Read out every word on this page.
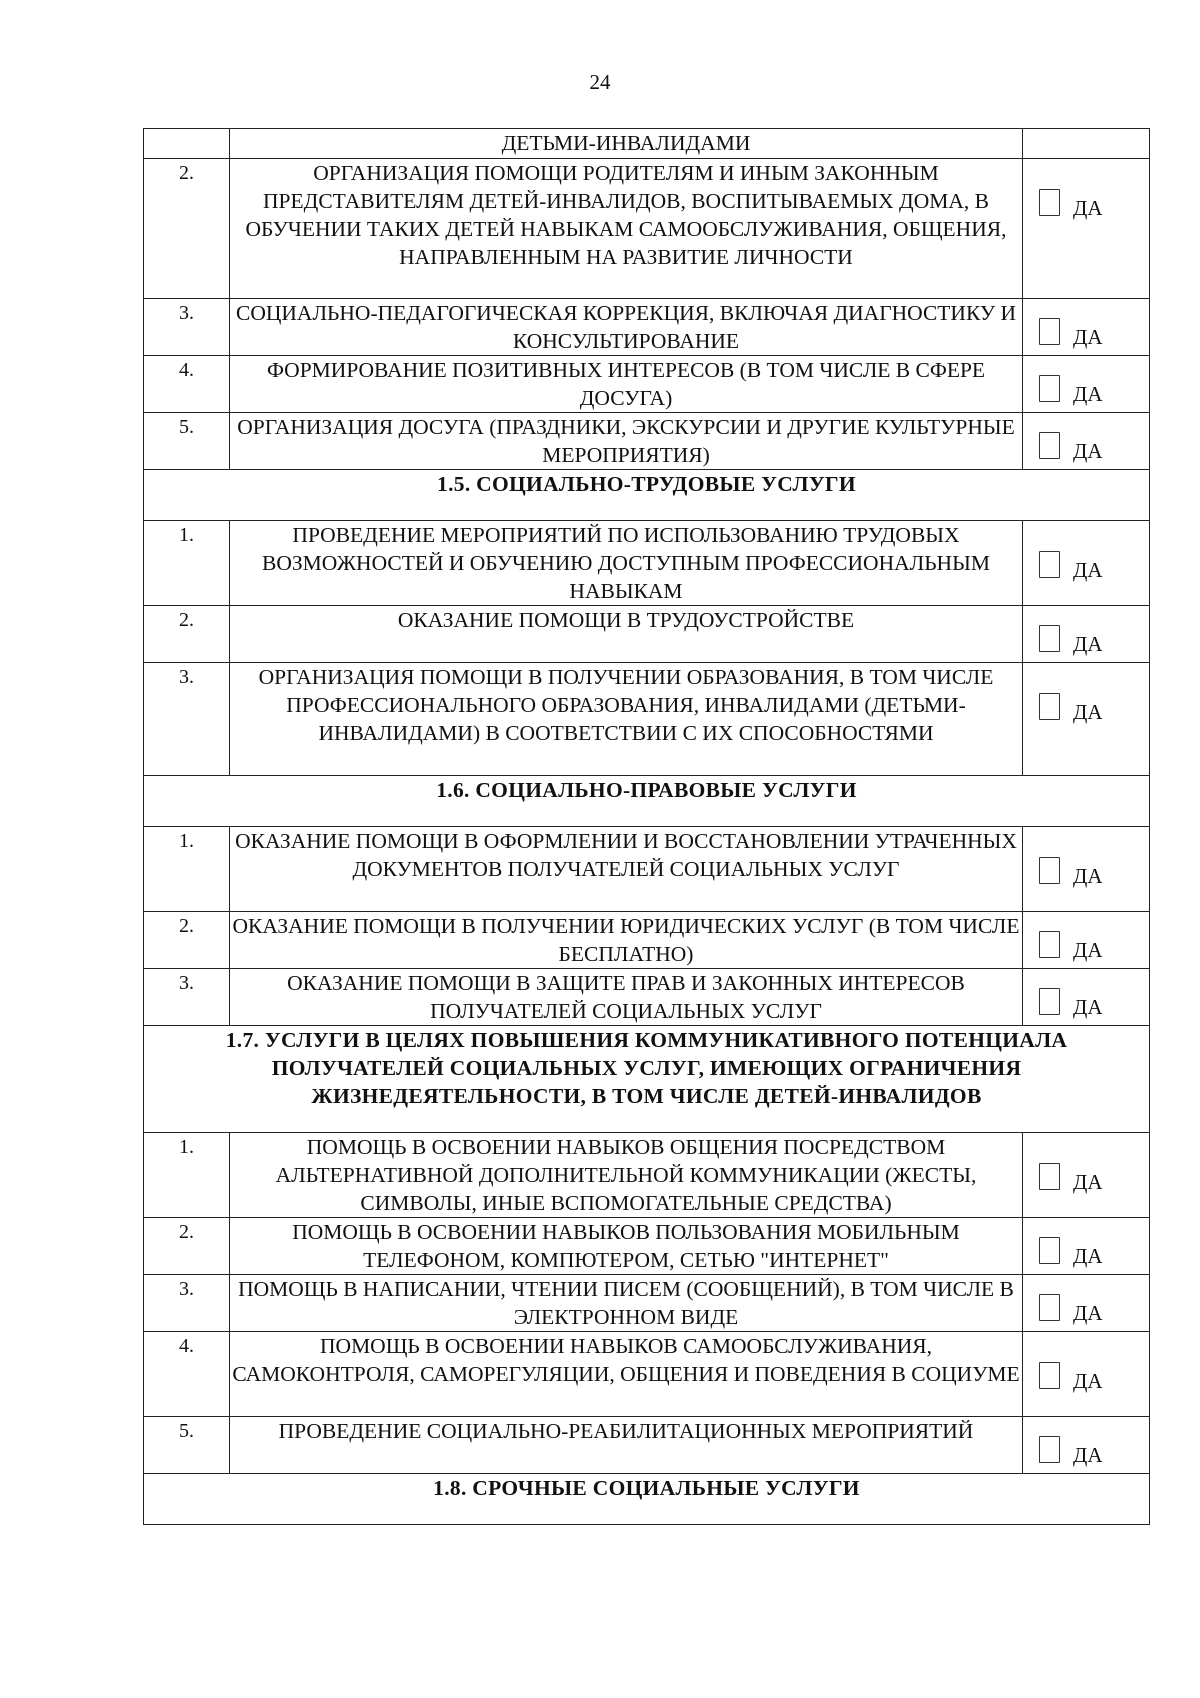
24
	ДЕТЬМИ-ИНВАЛИДАМИ	
2.	ОРГАНИЗАЦИЯ ПОМОЩИ РОДИТЕЛЯМ И ИНЫМ ЗАКОННЫМ ПРЕДСТАВИТЕЛЯМ ДЕТЕЙ-ИНВАЛИДОВ, ВОСПИТЫВАЕМЫХ ДОМА, В ОБУЧЕНИИ ТАКИХ ДЕТЕЙ НАВЫКАМ САМООБСЛУЖИВАНИЯ, ОБЩЕНИЯ, НАПРАВЛЕННЫМ НА РАЗВИТИЕ ЛИЧНОСТИ	ДА

3.	СОЦИАЛЬНО-ПЕДАГОГИЧЕСКАЯ КОРРЕКЦИЯ, ВКЛЮЧАЯ ДИАГНОСТИКУ И КОНСУЛЬТИРОВАНИЕ	ДА

4.	ФОРМИРОВАНИЕ ПОЗИТИВНЫХ ИНТЕРЕСОВ (В ТОМ ЧИСЛЕ В СФЕРЕ ДОСУГА)	ДА

5.	ОРГАНИЗАЦИЯ ДОСУГА (ПРАЗДНИКИ, ЭКСКУРСИИ И ДРУГИЕ КУЛЬТУРНЫЕ МЕРОПРИЯТИЯ)	ДА

1.5. СОЦИАЛЬНО-ТРУДОВЫЕ УСЛУГИ		
1.	ПРОВЕДЕНИЕ МЕРОПРИЯТИЙ ПО ИСПОЛЬЗОВАНИЮ ТРУДОВЫХ ВОЗМОЖНОСТЕЙ И ОБУЧЕНИЮ ДОСТУПНЫМ ПРОФЕССИОНАЛЬНЫМ НАВЫКАМ	ДА

2.	ОКАЗАНИЕ ПОМОЩИ В ТРУДОУСТРОЙСТВЕ	ДА

3.	ОРГАНИЗАЦИЯ ПОМОЩИ В ПОЛУЧЕНИИ ОБРАЗОВАНИЯ, В ТОМ ЧИСЛЕ ПРОФЕССИОНАЛЬНОГО ОБРАЗОВАНИЯ, ИНВАЛИДАМИ (ДЕТЬМИ-ИНВАЛИДАМИ) В СООТВЕТСТВИИ С ИХ СПОСОБНОСТЯМИ	ДА

1.6. СОЦИАЛЬНО-ПРАВОВЫЕ УСЛУГИ		
1.	ОКАЗАНИЕ ПОМОЩИ В ОФОРМЛЕНИИ И ВОССТАНОВЛЕНИИ УТРАЧЕННЫХ ДОКУМЕНТОВ ПОЛУЧАТЕЛЕЙ СОЦИАЛЬНЫХ УСЛУГ	ДА

2.	ОКАЗАНИЕ ПОМОЩИ В ПОЛУЧЕНИИ ЮРИДИЧЕСКИХ УСЛУГ (В ТОМ ЧИСЛЕ БЕСПЛАТНО)	ДА

3.	ОКАЗАНИЕ ПОМОЩИ В ЗАЩИТЕ ПРАВ И ЗАКОННЫХ ИНТЕРЕСОВ ПОЛУЧАТЕЛЕЙ СОЦИАЛЬНЫХ УСЛУГ	ДА

1.7. УСЛУГИ В ЦЕЛЯХ ПОВЫШЕНИЯ КОММУНИКАТИВНОГО ПОТЕНЦИАЛА ПОЛУЧАТЕЛЕЙ СОЦИАЛЬНЫХ УСЛУГ, ИМЕЮЩИХ ОГРАНИЧЕНИЯ ЖИЗНЕДЕЯТЕЛЬНОСТИ, В ТОМ ЧИСЛЕ ДЕТЕЙ-ИНВАЛИДОВ		
1.	ПОМОЩЬ В ОСВОЕНИИ НАВЫКОВ ОБЩЕНИЯ ПОСРЕДСТВОМ АЛЬТЕРНАТИВНОЙ ДОПОЛНИТЕЛЬНОЙ КОММУНИКАЦИИ (ЖЕСТЫ, СИМВОЛЫ, ИНЫЕ ВСПОМОГАТЕЛЬНЫЕ СРЕДСТВА)	ДА

2.	ПОМОЩЬ В ОСВОЕНИИ НАВЫКОВ ПОЛЬЗОВАНИЯ МОБИЛЬНЫМ ТЕЛЕФОНОМ, КОМПЮТЕРОМ, СЕТЬЮ "ИНТЕРНЕТ"	ДА

3.	ПОМОЩЬ В НАПИСАНИИ, ЧТЕНИИ ПИСЕМ (СООБЩЕНИЙ), В ТОМ ЧИСЛЕ В ЭЛЕКТРОННОМ ВИДЕ	ДА

4.	ПОМОЩЬ В ОСВОЕНИИ НАВЫКОВ САМООБСЛУЖИВАНИЯ, САМОКОНТРОЛЯ, САМОРЕГУЛЯЦИИ, ОБЩЕНИЯ И ПОВЕДЕНИЯ В СОЦИУМЕ	ДА

5.	ПРОВЕДЕНИЕ СОЦИАЛЬНО-РЕАБИЛИТАЦИОННЫХ МЕРОПРИЯТИЙ	ДА

1.8. СРОЧНЫЕ СОЦИАЛЬНЫЕ УСЛУГИ		
